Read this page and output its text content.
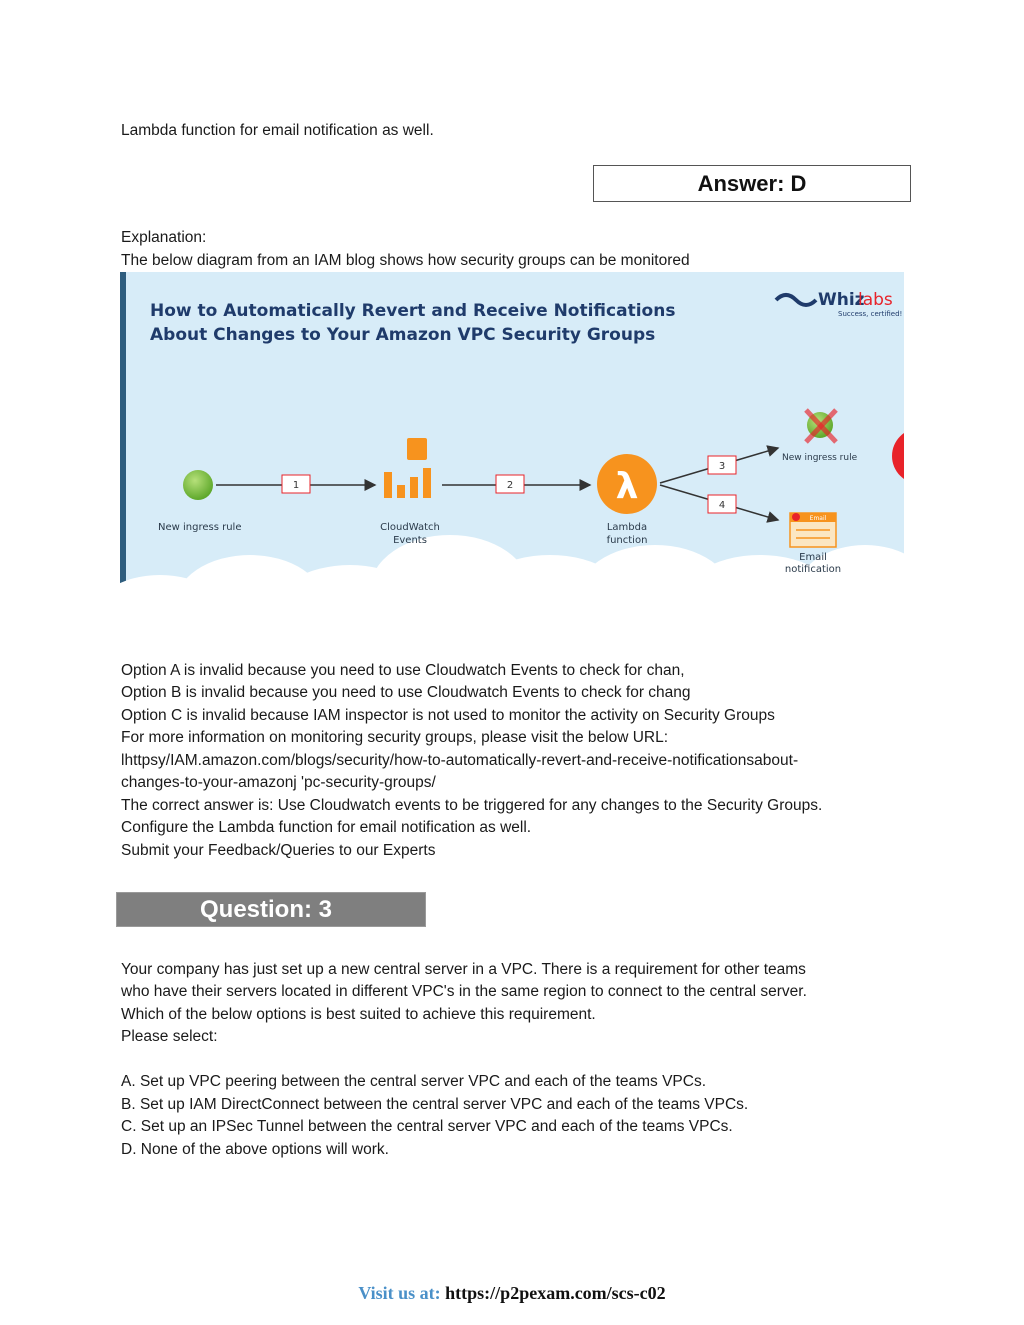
Lambda function for email notification as well.
Answer: D
Explanation:
The below diagram from an IAM blog shows how security groups can be monitored
How to Automatically Revert and Receive Notifications
About Changes to Your Amazon VPC Security Groups
Whiz
labs
Success, certified!
New ingress rule
1
CloudWatch
Events
2	λ
Lambda
function
3
4
New ingress rule
Email
Email
notification
Option A is invalid because you need to use Cloudwatch Events to check for chan,
Option B is invalid because you need to use Cloudwatch Events to check for chang
Option C is invalid because IAM inspector is not used to monitor the activity on Security Groups
For more information on monitoring security groups, please visit the below URL:
lhttpsy/IAM.amazon.com/blogs/security/how-to-automatically-revert-and-receive-notificationsabout-
changes-to-your-amazonj 'pc-security-groups/
The correct answer is: Use Cloudwatch events to be triggered for any changes to the Security Groups.
Configure the Lambda function for email notification as well.
Submit your Feedback/Queries to our Experts
Question: 3
Your company has just set up a new central server in a VPC. There is a requirement for other teams
who have their servers located in different VPC's in the same region to connect to the central server.
Which of the below options is best suited to achieve this requirement.
Please select:
A. Set up VPC peering between the central server VPC and each of the teams VPCs.
B. Set up IAM DirectConnect between the central server VPC and each of the teams VPCs.
C. Set up an IPSec Tunnel between the central server VPC and each of the teams VPCs.
D. None of the above options will work.
Visit us at: https://p2pexam.com/scs-c02
